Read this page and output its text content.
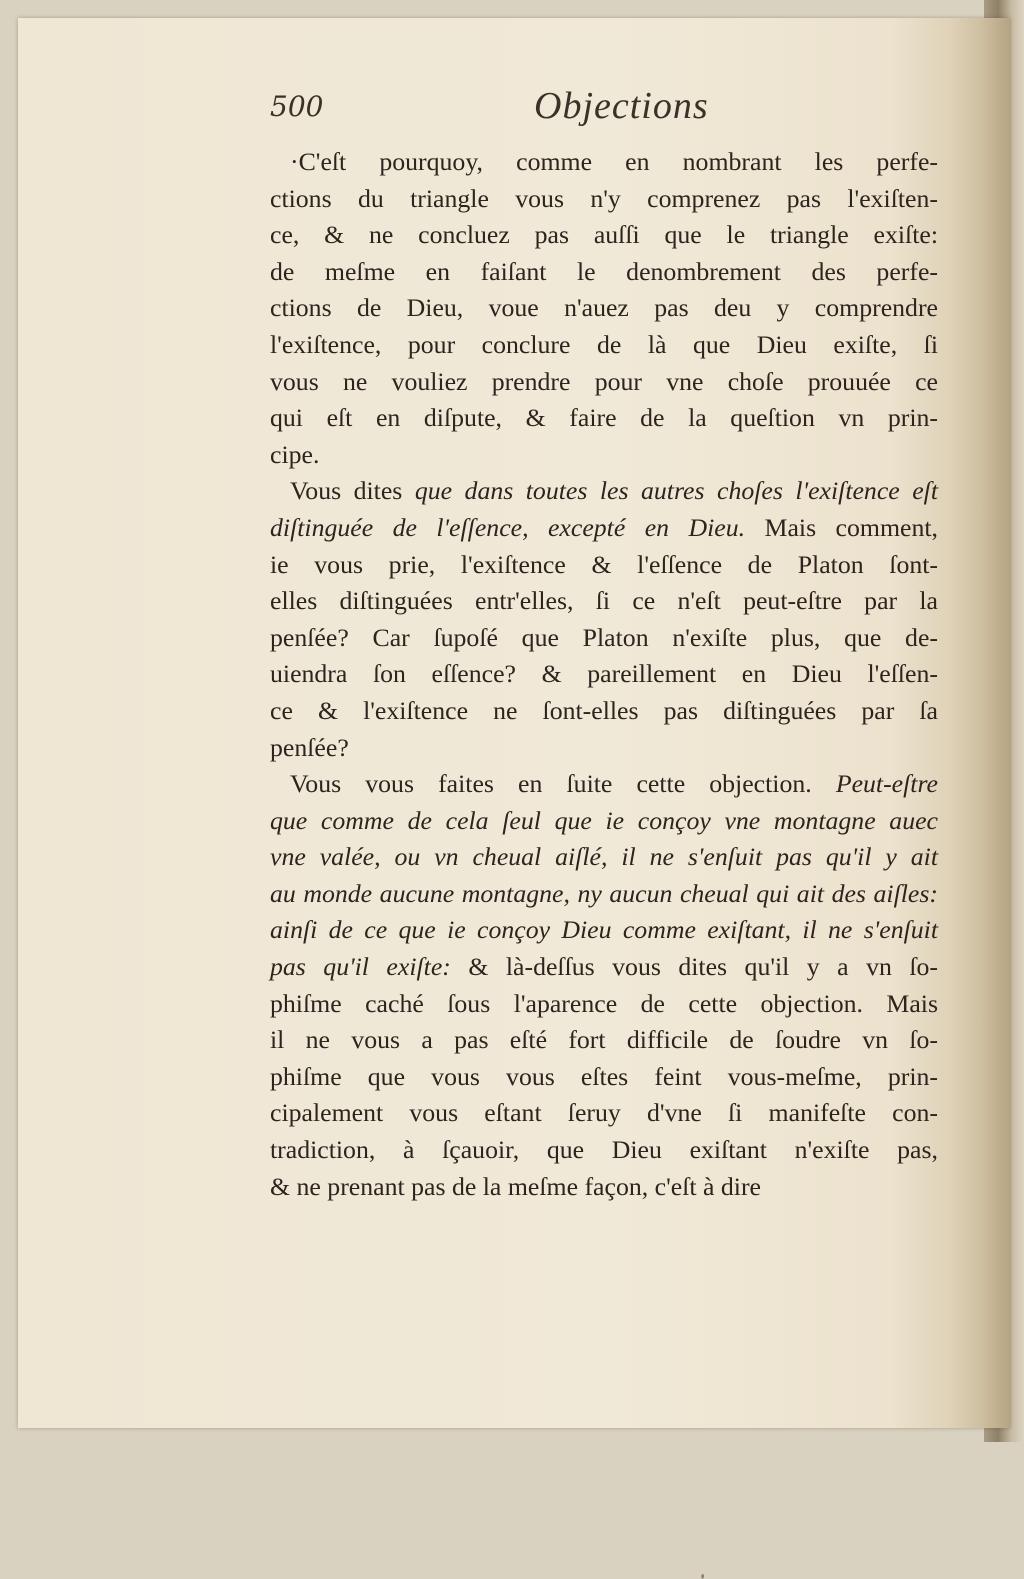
500	Objections
·C'eſt pourquoy, comme en nombrant les perfe-
ctions du triangle vous n'y comprenez pas l'exiſten-
ce, & ne concluez pas auſſi que le triangle exiſte:
de meſme en faiſant le denombrement des perfe-
ctions de Dieu, voue n'auez pas deu y comprendre
l'exiſtence, pour conclure de là que Dieu exiſte, ſi
vous ne vouliez prendre pour vne choſe prouuée ce
qui eſt en diſpute, & faire de la queſtion vn prin-
cipe.
Vous dites que dans toutes les autres choſes l'exiſtence eſt
diſtinguée de l'eſſence, excepté en Dieu. Mais comment,
ie vous prie, l'exiſtence & l'eſſence de Platon ſont-
elles diſtinguées entr'elles, ſi ce n'eſt peut-eſtre par la
penſée? Car ſupoſé que Platon n'exiſte plus, que de-
uiendra ſon eſſence? & pareillement en Dieu l'eſſen-
ce & l'exiſtence ne ſont-elles pas diſtinguées par ſa
penſée?
Vous vous faites en ſuite cette objection. Peut-eſtre
que comme de cela ſeul que ie conçoy vne montagne auec
vne valée, ou vn cheual aiſlé, il ne s'enſuit pas qu'il y ait
au monde aucune montagne, ny aucun cheual qui ait des aiſles:
ainſi de ce que ie conçoy Dieu comme exiſtant, il ne s'enſuit
pas qu'il exiſte: & là-deſſus vous dites qu'il y a vn ſo-
phiſme caché ſous l'aparence de cette objection. Mais
il ne vous a pas eſté fort difficile de ſoudre vn ſo-
phiſme que vous vous eſtes feint vous-meſme, prin-
cipalement vous eſtant ſeruy d'vne ſi manifeſte con-
tradiction, à ſçauoir, que Dieu exiſtant n'exiſte pas,
& ne prenant pas de la meſme façon, c'eſt à dire
